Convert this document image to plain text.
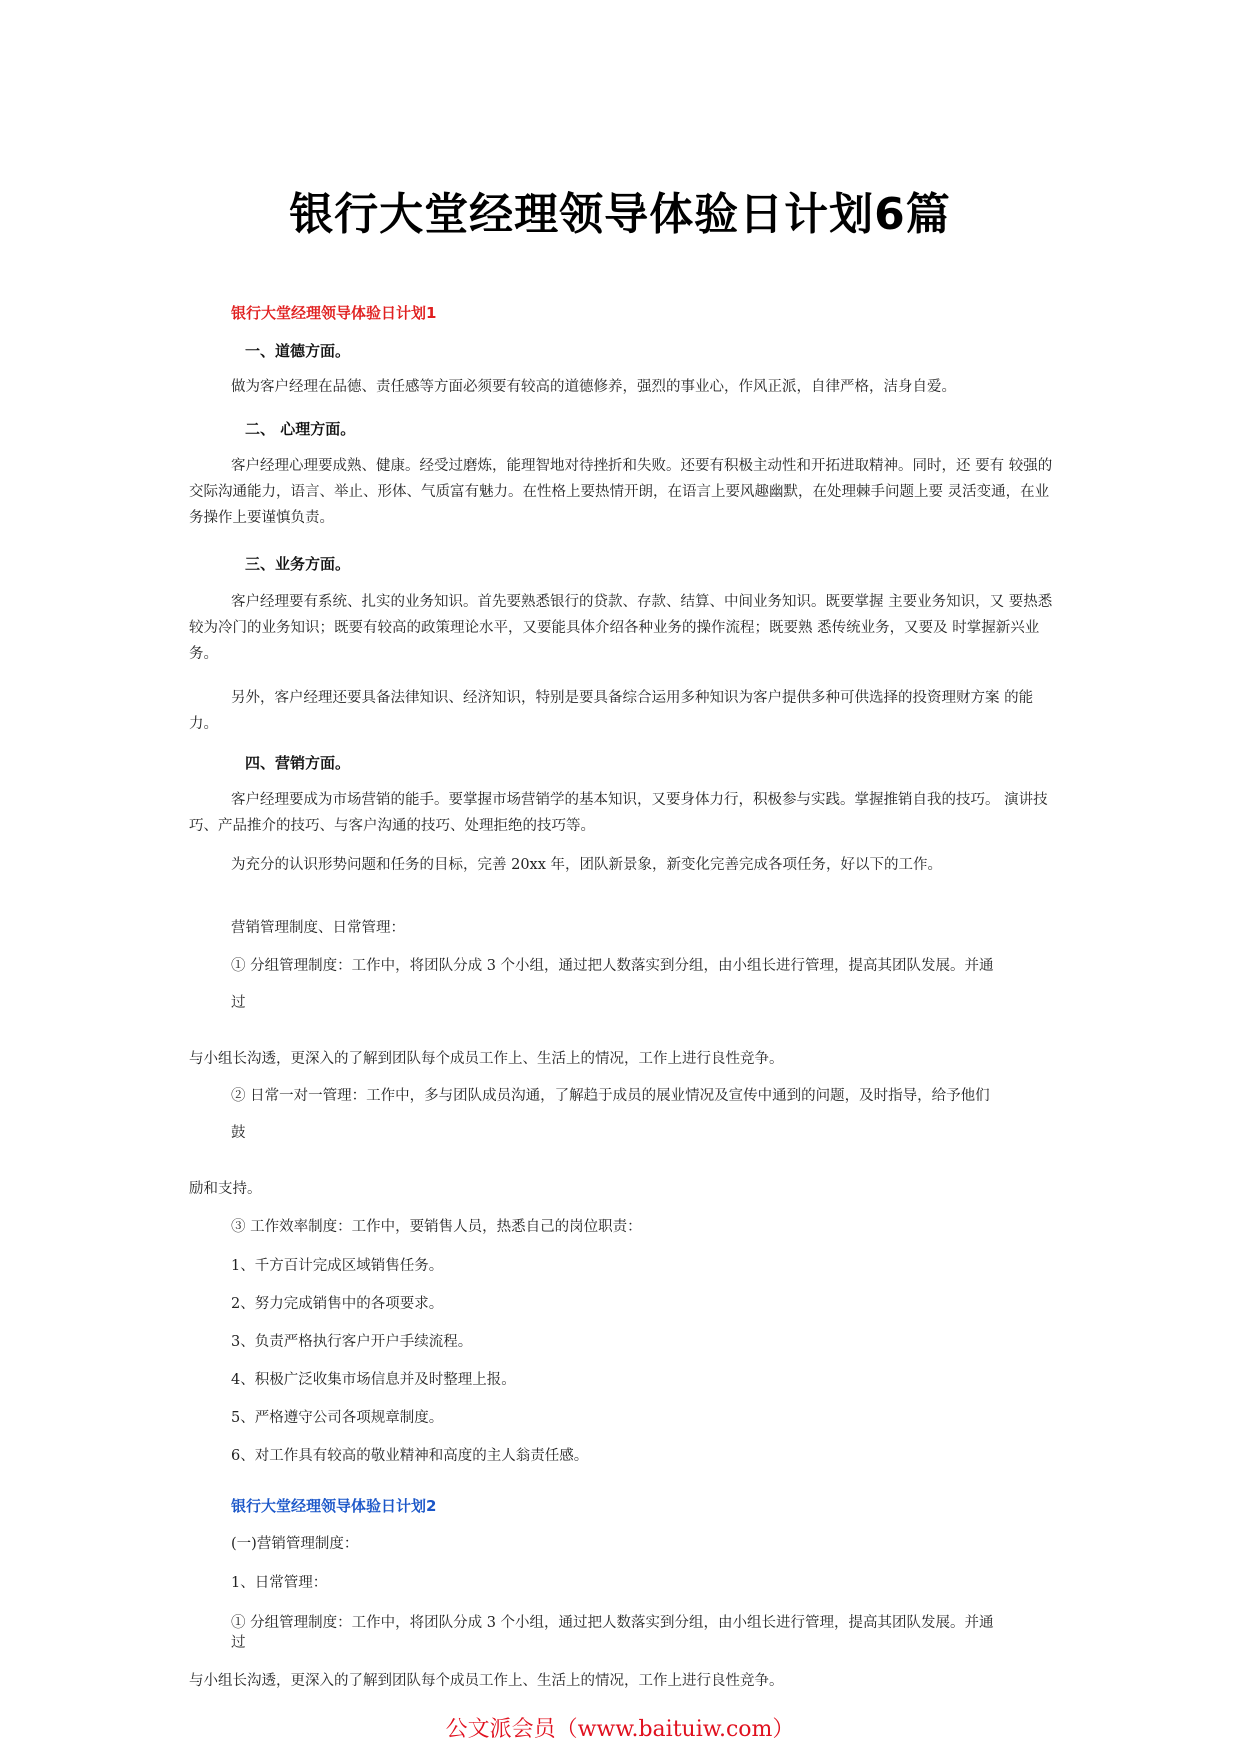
银行大堂经理领导体验日计划6篇
银行大堂经理领导体验日计划1
一、道德方面。

做为客户经理在品德、责任感等方面必须要有较高的道德修养，强烈的事业心，作风正派，自律严格，洁身自爱。

二、 心理方面。

客户经理心理要成熟、健康。经受过磨炼，能理智地对待挫折和失败。还要有积极主动性和开拓进取精神。同时，还 要有 较强的交际沟通能力，语言、举止、形体、气质富有魅力。在性格上要热情开朗，在语言上要风趣幽默，在处理棘手问题上要 灵活变通，在业务操作上要谨慎负责。

三、业务方面。

客户经理要有系统、扎实的业务知识。首先要熟悉银行的贷款、存款、结算、中间业务知识。既要掌握 主要业务知识，又 要热悉较为冷门的业务知识；既要有较高的政策理论水平，又要能具体介绍各种业务的操作流程；既要熟 悉传统业务，又要及 时掌握新兴业务。

另外，客户经理还要具备法律知识、经济知识，特别是要具备综合运用多种知识为客户提供多种可供选择的投资理财方案 的能力。

四、营销方面。

客户经理要成为市场营销的能手。要掌握市场营销学的基本知识，又要身体力行，积极参与实践。掌握推销自我的技巧。 演讲技巧、产品推介的技巧、与客户沟通的技巧、处理拒绝的技巧等。

为充分的认识形势问题和任务的目标，完善 20xx 年，团队新景象，新变化完善完成各项任务，好以下的工作。

营销管理制度、日常管理：
① 分组管理制度：工作中，将团队分成 3 个小组，通过把人数落实到分组，由小组长进行管理，提高其团队发展。并通
过
与小组长沟透，更深入的了解到团队每个成员工作上、生活上的情况，工作上进行良性竞争。
② 日常一对一管理：工作中，多与团队成员沟通，了解趋于成员的展业情况及宣传中通到的问题，及时指导，给予他们
鼓
励和支持。
③ 工作效率制度：工作中，要销售人员，热悉自己的岗位职责：
1、千方百计完成区域销售任务。
2、努力完成销售中的各项要求。
3、负责严格执行客户开户手续流程。
4、积极广泛收集市场信息并及时整理上报。
5、严格遵守公司各项规章制度。
6、对工作具有较高的敬业精神和高度的主人翁责任感。
银行大堂经理领导体验日计划2
(一)营销管理制度：
1、日常管理：
① 分组管理制度：工作中，将团队分成 3 个小组，通过把人数落实到分组，由小组长进行管理，提高其团队发展。并通
过
与小组长沟透，更深入的了解到团队每个成员工作上、生活上的情况，工作上进行良性竞争。
公文派会员（www.baituiw.com）
